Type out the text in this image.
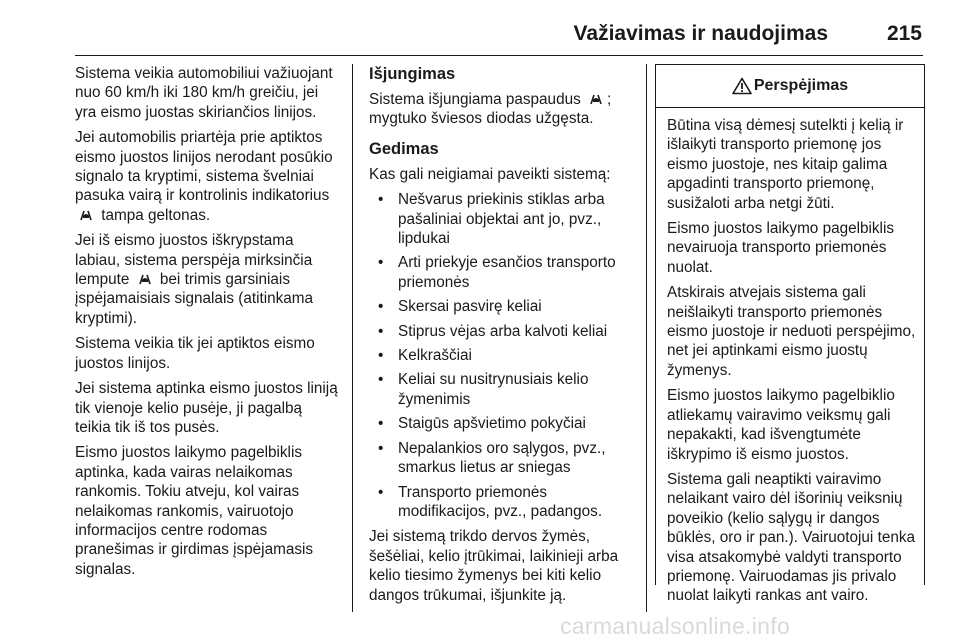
Važiavimas ir naudojimas	215

Sistema veikia automobiliui važiuojant nuo 60 km/h iki 180 km/h greičiu, jei yra eismo juostas skiriančios linijos.

Jei automobilis priartėja prie aptiktos eismo juostos linijos nerodant posūkio signalo ta kryptimi, sistema švelniai pasuka vairą ir kontrolinis indikatorius  tampa geltonas.

Jei iš eismo juostos iškrypstama labiau, sistema perspėja mirksinčia lempute bei trimis garsiniais įspėjamaisiais signalais (atitinkama kryptimi).

Sistema veikia tik jei aptiktos eismo juostos linijos.

Jei sistema aptinka eismo juostos liniją tik vienoje kelio pusėje, ji pagalbą teikia tik iš tos pusės.

Eismo juostos laikymo pagelbiklis aptinka, kada vairas nelaikomas rankomis. Tokiu atveju, kol vairas nelaikomas rankomis, vairuotojo informacijos centre rodomas pranešimas ir girdimas įspėjamasis signalas.

Išjungimas

Sistema išjungiama paspaudus ; mygtuko šviesos diodas užgęsta.

Gedimas

Kas gali neigiamai paveikti sistemą:

• Nešvarus priekinis stiklas arba pašaliniai objektai ant jo, pvz., lipdukai
• Arti priekyje esančios transporto priemonės
• Skersai pasvirę keliai
• Stiprus vėjas arba kalvoti keliai
• Kelkraščiai
• Keliai su nusitrynusiais kelio žymenimis
• Staigūs apšvietimo pokyčiai
• Nepalankios oro sąlygos, pvz., smarkus lietus ar sniegas
• Transporto priemonės modifikacijos, pvz., padangos.

Jei sistemą trikdo dervos žymės, šešėliai, kelio įtrūkimai, laikinieji arba kelio tiesimo žymenys bei kiti kelio dangos trūkumai, išjunkite ją.

Perspėjimas

Būtina visą dėmesį sutelkti į kelią ir išlaikyti transporto priemonę jos eismo juostoje, nes kitaip galima apgadinti transporto priemonę, susižaloti arba netgi žūti.

Eismo juostos laikymo pagelbiklis nevairuoja transporto priemonės nuolat.

Atskirais atvejais sistema gali neišlaikyti transporto priemonės eismo juostoje ir neduoti perspėjimo, net jei aptinkami eismo juostų žymenys.

Eismo juostos laikymo pagelbiklio atliekamų vairavimo veiksmų gali nepakakti, kad išvengtumėte iškrypimo iš eismo juostos.

Sistema gali neaptikti vairavimo nelaikant vairo dėl išorinių veiksnių poveikio (kelio sąlygų ir dangos būklės, oro ir pan.). Vairuotojui tenka visa atsakomybė valdyti transporto priemonę. Vairuodamas jis privalo nuolat laikyti rankas ant vairo.

carmanualsonline.info
